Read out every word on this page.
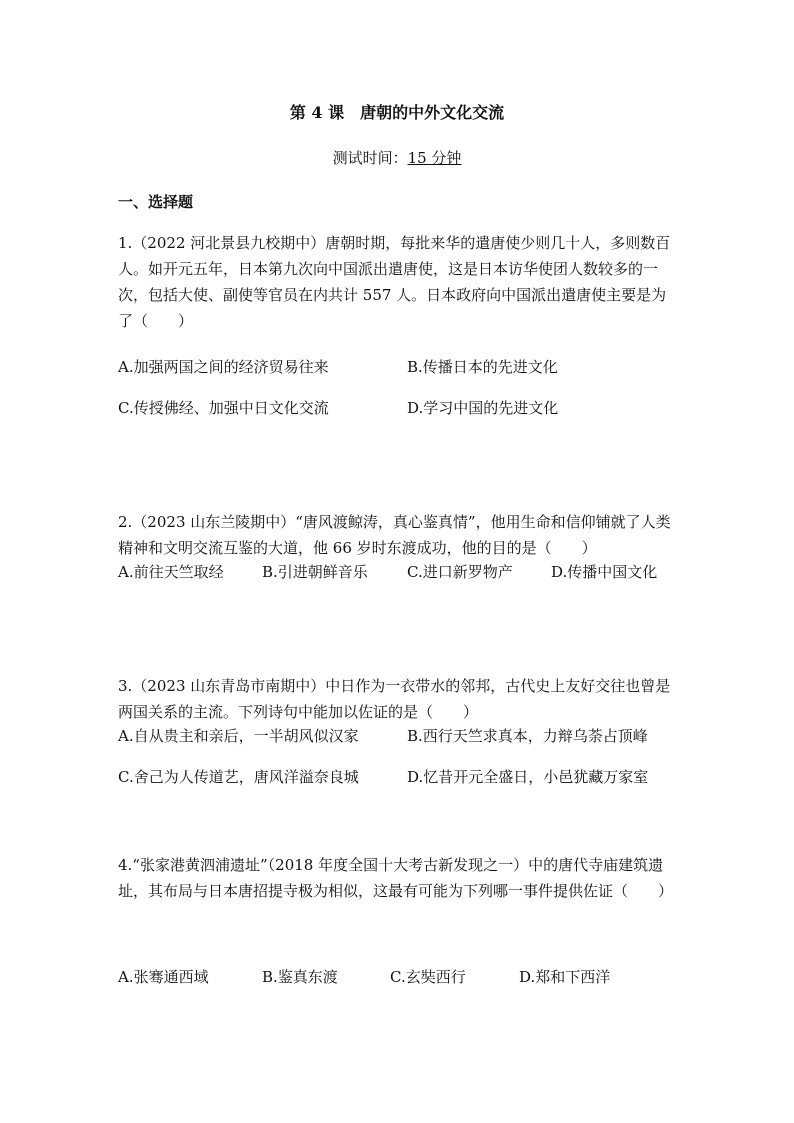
第 4 课　唐朝的中外文化交流
测试时间：15 分钟
一、选择题
1.（2022 河北景县九校期中）唐朝时期，每批来华的遣唐使少则几十人，多则数百人。如开元五年，日本第九次向中国派出遣唐使，这是日本访华使团人数较多的一次，包括大使、副使等官员在内共计 557 人。日本政府向中国派出遣唐使主要是为了（　　）
A.加强两国之间的经济贸易往来	B.传播日本的先进文化
C.传授佛经、加强中日文化交流	D.学习中国的先进文化
2.（2023 山东兰陵期中）“唐风渡鲸涛，真心鉴真情”，他用生命和信仰铺就了人类精神和文明交流互鉴的大道，他 66 岁时东渡成功，他的目的是（　　）
A.前往天竺取经	B.引进朝鲜音乐	C.进口新罗物产	D.传播中国文化
3.（2023 山东青岛市南期中）中日作为一衣带水的邻邦，古代史上友好交往也曾是两国关系的主流。下列诗句中能加以佐证的是（　　）
A.自从贵主和亲后，一半胡风似汉家	B.西行天竺求真本，力辩乌荼占顶峰
C.舍己为人传道艺，唐风洋溢奈良城	D.忆昔开元全盛日，小邑犹藏万家室
4.“张家港黄泗浦遗址”（2018 年度全国十大考古新发现之一）中的唐代寺庙建筑遗址，其布局与日本唐招提寺极为相似，这最有可能为下列哪一事件提供佐证（　　）
A.张骞通西域	B.鉴真东渡	C.玄奘西行	D.郑和下西洋
